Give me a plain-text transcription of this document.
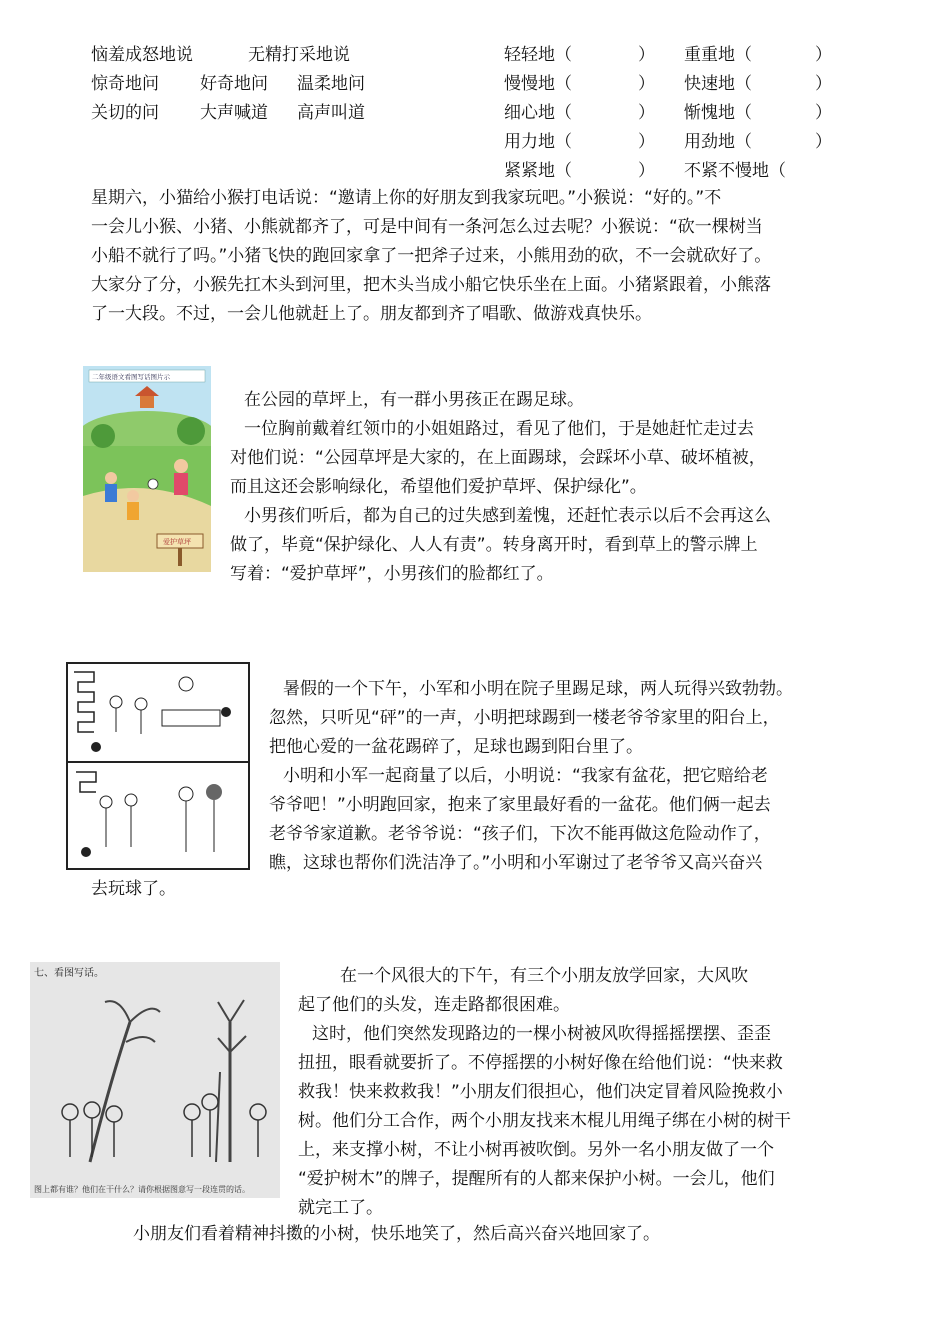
恼羞成怒地说	无精打采地说
惊奇地问 好奇地问 温柔地问
关切的问 大声喊道 高声叫道
轻轻地（	） 重重地（	）
慢慢地（	） 快速地（	）
细心地（	） 惭愧地（	）
用力地（	） 用劲地（	）
紧紧地（	） 不紧不慢地（

星期六，小猫给小猴打电话说：“邀请上你的好朋友到我家玩吧。”小猴说：“好的。”不

一会儿小猴、小猪、小熊就都齐了，可是中间有一条河怎么过去呢？小猴说：“砍一棵树当

小船不就行了吗。”小猪飞快的跑回家拿了一把斧子过来，小熊用劲的砍，不一会就砍好了。

大家分了分，小猴先扛木头到河里，把木头当成小船它快乐坐在上面。小猪紧跟着，小熊落

了一大段。不过，一会儿他就赶上了。朋友都到齐了唱歌、做游戏真快乐。

二年级语文看图写话图片示
爱护草坪

在公园的草坪上，有一群小男孩正在踢足球。

一位胸前戴着红领巾的小姐姐路过，看见了他们，于是她赶忙走过去

对他们说：“公园草坪是大家的，在上面踢球，会踩坏小草、破坏植被，

而且这还会影响绿化，希望他们爱护草坪、保护绿化”。

小男孩们听后，都为自己的过失感到羞愧，还赶忙表示以后不会再这么

做了，毕竟“保护绿化、人人有责”。转身离开时，看到草上的警示牌上

写着：“爱护草坪”，小男孩们的脸都红了。

暑假的一个下午，小军和小明在院子里踢足球，两人玩得兴致勃勃。

忽然，只听见“砰”的一声，小明把球踢到一楼老爷爷家里的阳台上，

把他心爱的一盆花踢碎了，足球也踢到阳台里了。

小明和小军一起商量了以后，小明说：“我家有盆花，把它赔给老

爷爷吧！”小明跑回家，抱来了家里最好看的一盆花。他们俩一起去

老爷爷家道歉。老爷爷说：“孩子们，下次不能再做这危险动作了，

瞧，这球也帮你们洗洁净了。”小明和小军谢过了老爷爷又高兴奋兴

去玩球了。
七、看图写话。
图上都有谁？他们在干什么？请你根据图意写一段连贯的话。

在一个风很大的下午，有三个小朋友放学回家，大风吹

起了他们的头发，连走路都很困难。

这时，他们突然发现路边的一棵小树被风吹得摇摇摆摆、歪歪

扭扭，眼看就要折了。不停摇摆的小树好像在给他们说：“快来救

救我！快来救救我！”小朋友们很担心，他们决定冒着风险挽救小

树。他们分工合作，两个小朋友找来木棍儿用绳子绑在小树的树干

上，来支撑小树，不让小树再被吹倒。另外一名小朋友做了一个

“爱护树木”的牌子，提醒所有的人都来保护小树。一会儿，他们

就完工了。

小朋友们看着精神抖擞的小树，快乐地笑了，然后高兴奋兴地回家了。
